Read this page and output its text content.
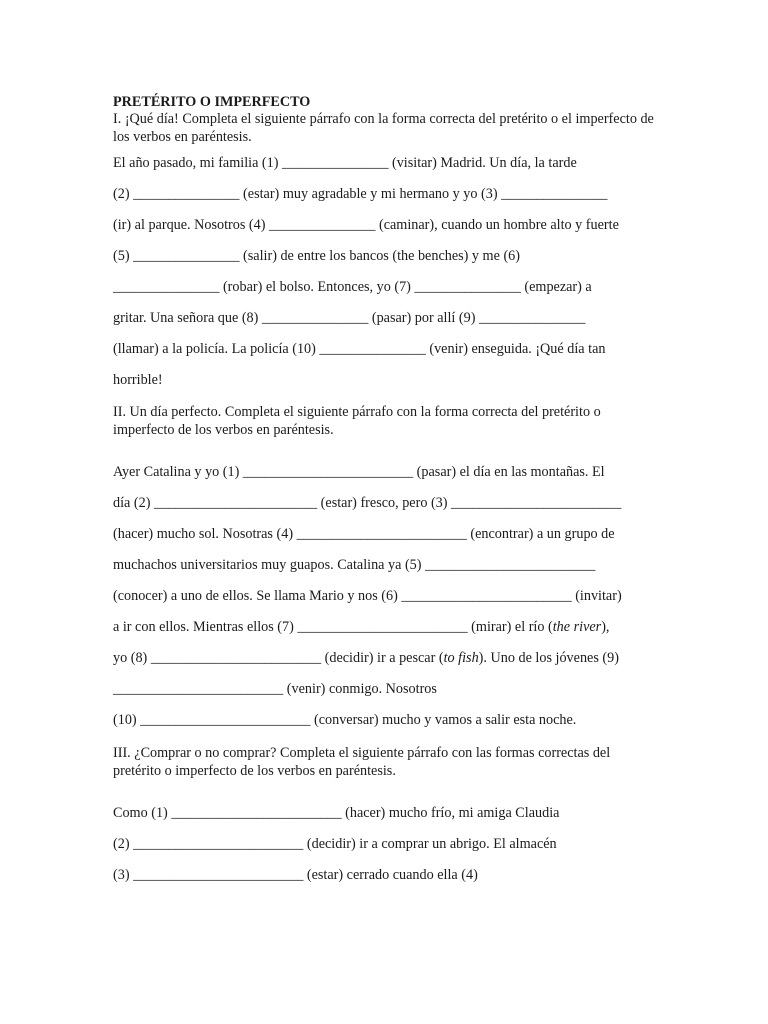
PRETÉRITO O IMPERFECTO

I. ¡Qué día! Completa el siguiente párrafo con la forma correcta del pretérito o el imperfecto de los verbos en paréntesis.

El año pasado, mi familia (1) _______________ (visitar) Madrid. Un día, la tarde
(2) _______________ (estar) muy agradable y mi hermano y yo (3) _______________
(ir) al parque. Nosotros (4) _______________ (caminar), cuando un hombre alto y fuerte
(5) _______________ (salir) de entre los bancos (the benches) y me (6)
_______________ (robar) el bolso. Entonces, yo (7) _______________ (empezar) a
gritar. Una señora que (8) _______________ (pasar) por allí (9) _______________
(llamar) a la policía. La policía (10) _______________ (venir) enseguida. ¡Qué día tan
horrible!

II. Un día perfecto. Completa el siguiente párrafo con la forma correcta del pretérito o imperfecto de los verbos en paréntesis.

Ayer Catalina y yo (1) ________________________ (pasar) el día en las montañas. El
día (2) _______________________ (estar) fresco, pero (3) ________________________
(hacer) mucho sol. Nosotras (4) ________________________ (encontrar) a un grupo de
muchachos universitarios muy guapos. Catalina ya (5) ________________________
(conocer) a uno de ellos. Se llama Mario y nos (6) ________________________ (invitar)
a ir con ellos. Mientras ellos (7) ________________________ (mirar) el río (the river),
yo (8) ________________________ (decidir) ir a pescar (to fish). Uno de los jóvenes (9)
________________________ (venir) conmigo. Nosotros
(10) ________________________ (conversar) mucho y vamos a salir esta noche.

III. ¿Comprar o no comprar? Completa el siguiente párrafo con las formas correctas del pretérito o imperfecto de los verbos en paréntesis.

Como (1) ________________________ (hacer) mucho frío, mi amiga Claudia
(2) ________________________ (decidir) ir a comprar un abrigo. El almacén
(3) ________________________ (estar) cerrado cuando ella (4)
